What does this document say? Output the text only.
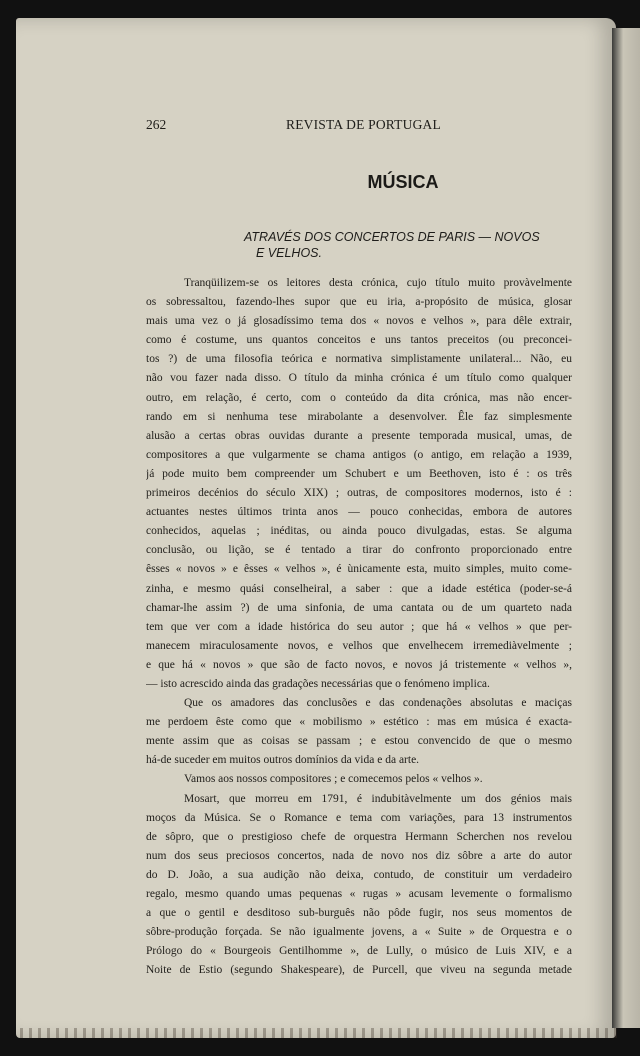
262	REVISTA DE PORTUGAL
MÚSICA
ATRAVÉS DOS CONCERTOS DE PARIS — NOVOS
E VELHOS.
Tranqüilizem-se os leitores desta crónica, cujo título muito provàvelmente
os sobressaltou, fazendo-lhes supor que eu iria, a-propósito de música, glosar
mais uma vez o já glosadíssimo tema dos « novos e velhos », para dêle extrair,
como é costume, uns quantos conceitos e uns tantos preceitos (ou preconcei-
tos ?) de uma filosofia teórica e normativa simplistamente unilateral... Não, eu
não vou fazer nada disso. O título da minha crónica é um título como qualquer
outro, em relação, é certo, com o conteúdo da dita crónica, mas não encer-
rando em si nenhuma tese mirabolante a desenvolver. Êle faz simplesmente
alusão a certas obras ouvidas durante a presente temporada musical, umas, de
compositores a que vulgarmente se chama antigos (o antigo, em relação a 1939,
já pode muito bem compreender um Schubert e um Beethoven, isto é : os três
primeiros decénios do século XIX) ; outras, de compositores modernos, isto é :
actuantes nestes últimos trinta anos — pouco conhecidas, embora de autores
conhecidos, aquelas ; inéditas, ou ainda pouco divulgadas, estas. Se alguma
conclusão, ou lição, se é tentado a tirar do confronto proporcionado entre
êsses « novos » e êsses « velhos », é ùnicamente esta, muito simples, muito come-
zinha, e mesmo quási conselheiral, a saber : que a idade estética (poder-se-á
chamar-lhe assim ?) de uma sinfonia, de uma cantata ou de um quarteto nada
tem que ver com a idade histórica do seu autor ; que há « velhos » que per-
manecem miraculosamente novos, e velhos que envelhecem irremediàvelmente ;
e que há « novos » que são de facto novos, e novos já tristemente « velhos »,
— isto acrescido ainda das gradações necessárias que o fenómeno implica.
Que os amadores das conclusões e das condenações absolutas e maciças
me perdoem êste como que « mobilismo » estético : mas em música é exacta-
mente assim que as coisas se passam ; e estou convencido de que o mesmo
há-de suceder em muitos outros domínios da vida e da arte.
Vamos aos nossos compositores ; e comecemos pelos « velhos ».
Mosart, que morreu em 1791, é indubitàvelmente um dos génios mais
moços da Música. Se o Romance e tema com variações, para 13 instrumentos
de sôpro, que o prestigioso chefe de orquestra Hermann Scherchen nos revelou
num dos seus preciosos concertos, nada de novo nos diz sôbre a arte do autor
do D. João, a sua audição não deixa, contudo, de constituir um verdadeiro
regalo, mesmo quando umas pequenas « rugas » acusam levemente o formalismo
a que o gentil e desditoso sub-burguês não pôde fugir, nos seus momentos de
sôbre-produção forçada. Se não igualmente jovens, a « Suite » de Orquestra e o
Prólogo do « Bourgeois Gentilhomme », de Lully, o músico de Luis XIV, e a
Noite de Estio (segundo Shakespeare), de Purcell, que viveu na segunda metade
